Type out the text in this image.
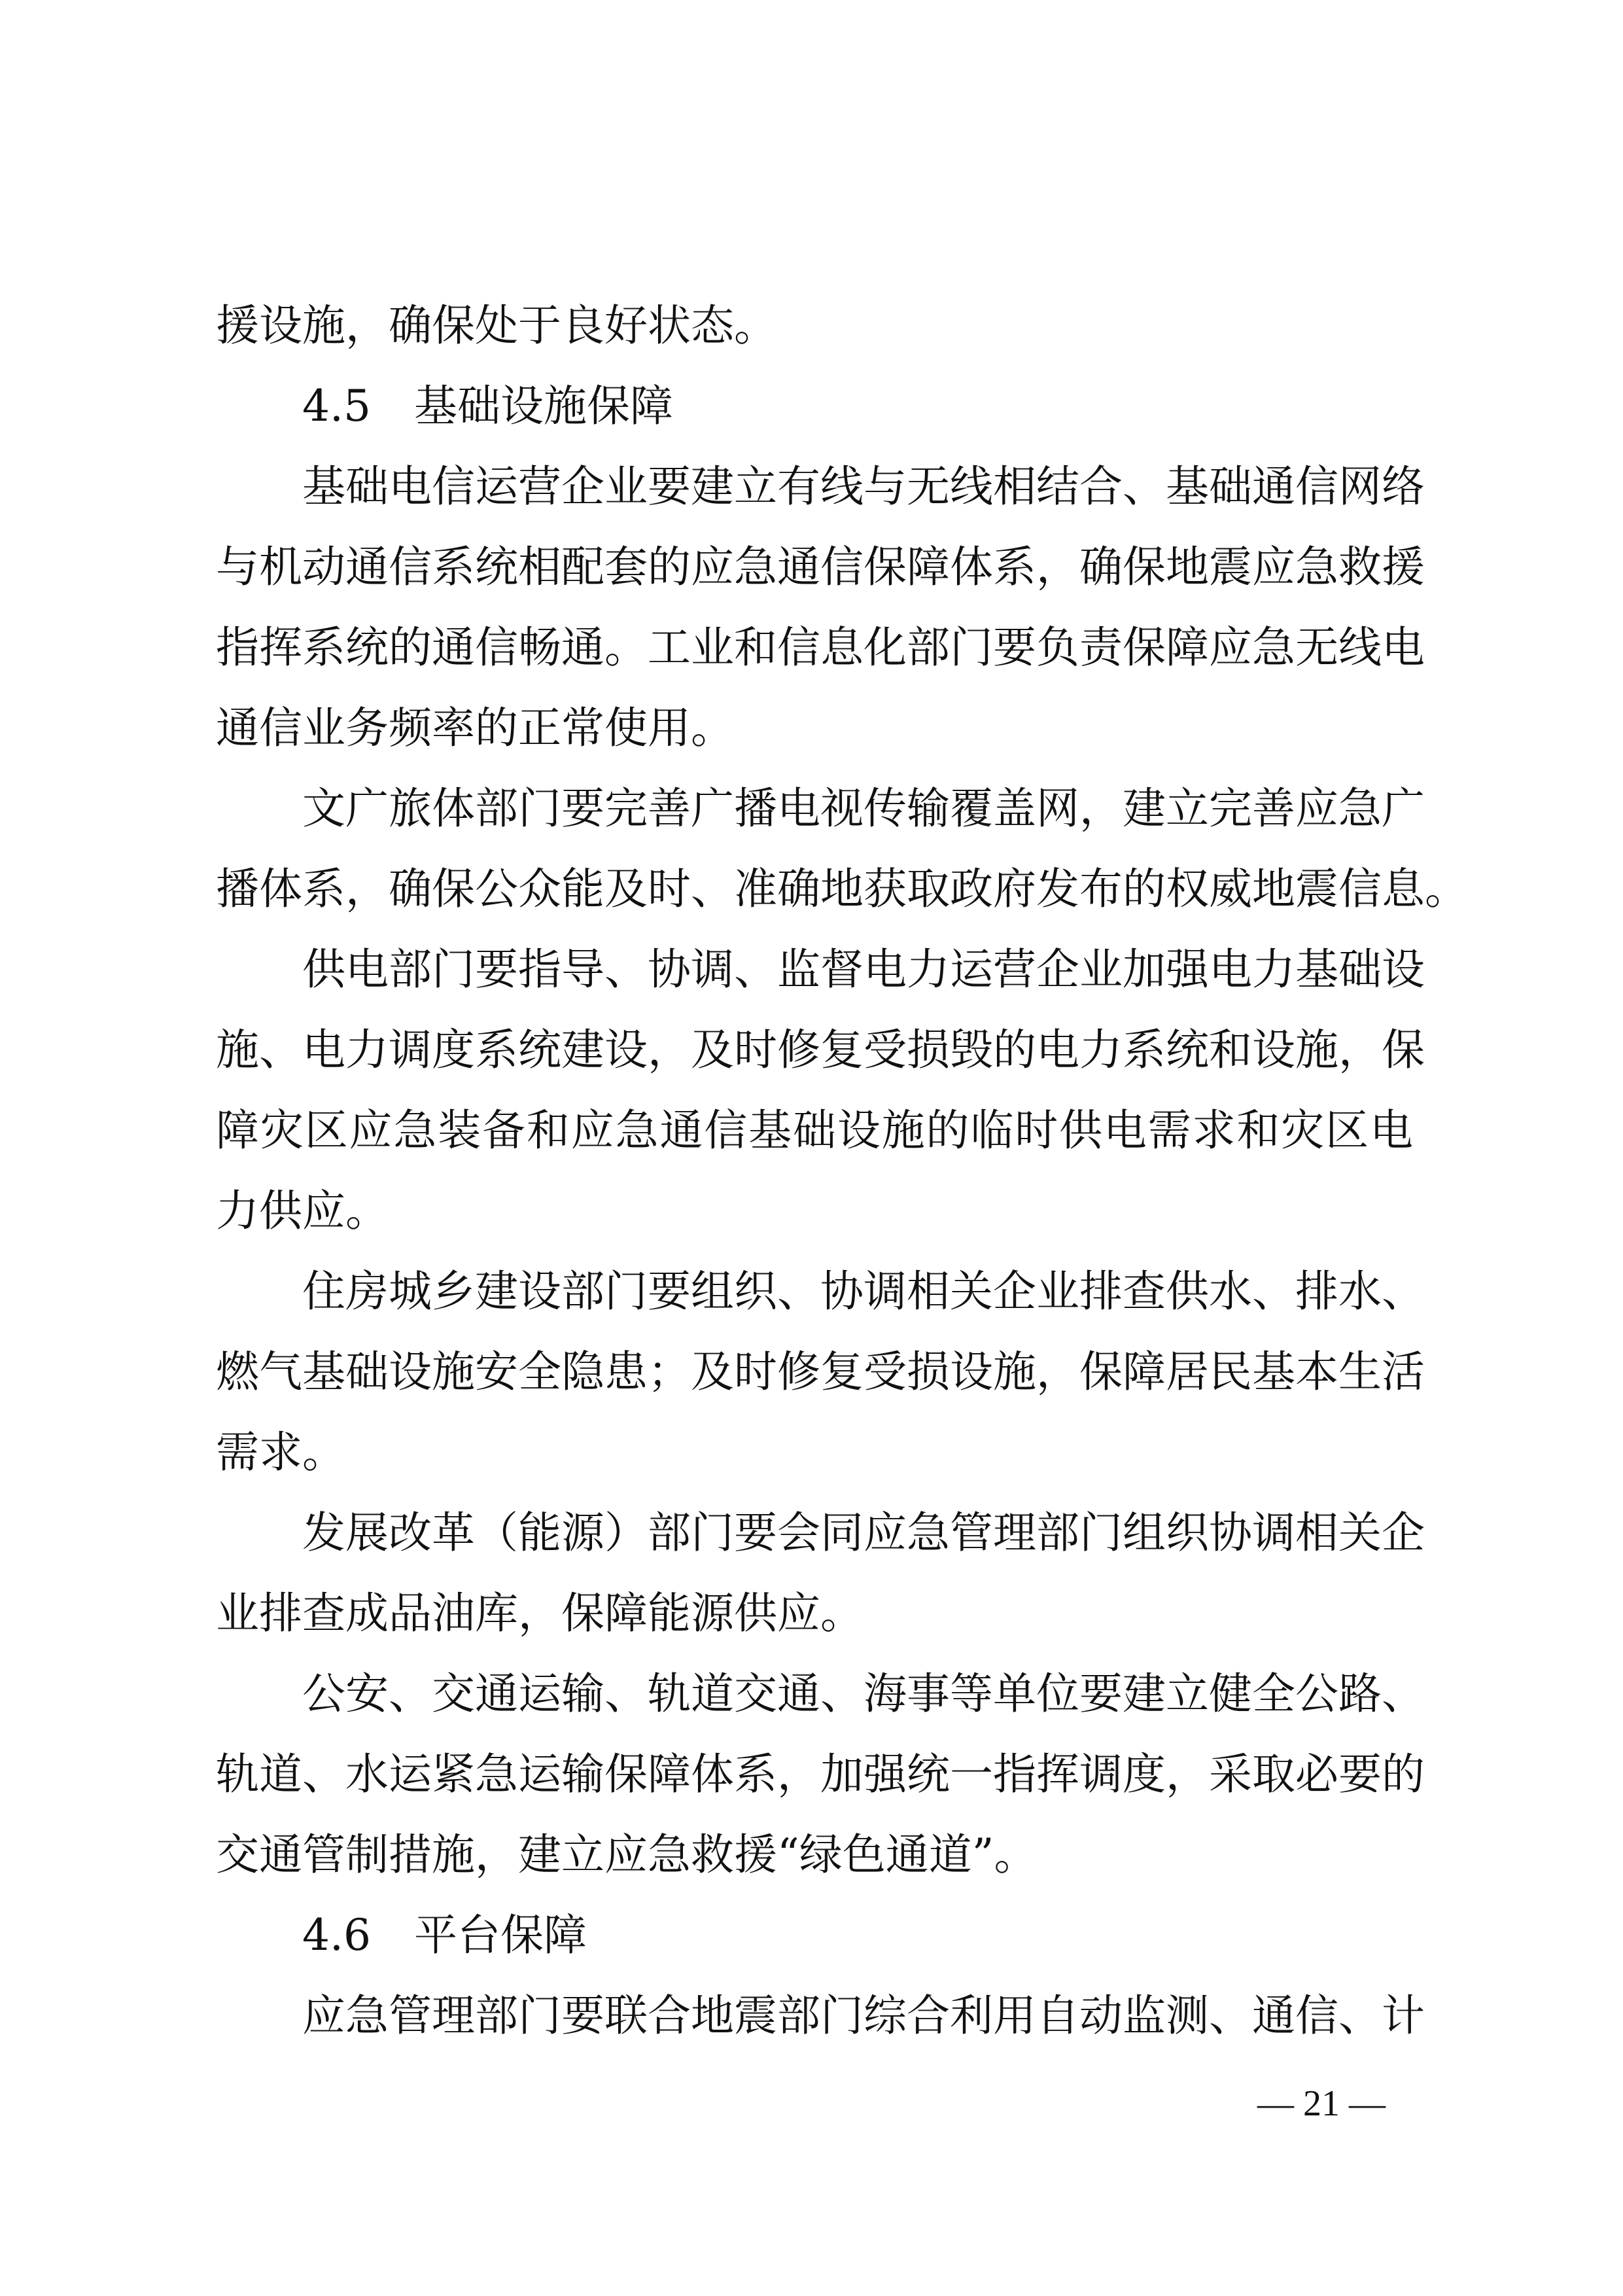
援设施，确保处于良好状态。
4.5　基础设施保障
基础电信运营企业要建立有线与无线相结合、基础通信网络
与机动通信系统相配套的应急通信保障体系，确保地震应急救援
指挥系统的通信畅通。工业和信息化部门要负责保障应急无线电
通信业务频率的正常使用。
文广旅体部门要完善广播电视传输覆盖网，建立完善应急广
播体系，确保公众能及时、准确地获取政府发布的权威地震信息。
供电部门要指导、协调、监督电力运营企业加强电力基础设
施、电力调度系统建设，及时修复受损毁的电力系统和设施，保
障灾区应急装备和应急通信基础设施的临时供电需求和灾区电
力供应。
住房城乡建设部门要组织、协调相关企业排查供水、排水、
燃气基础设施安全隐患；及时修复受损设施，保障居民基本生活
需求。
发展改革（能源）部门要会同应急管理部门组织协调相关企
业排查成品油库，保障能源供应。
公安、交通运输、轨道交通、海事等单位要建立健全公路、
轨道、水运紧急运输保障体系，加强统一指挥调度，采取必要的
交通管制措施，建立应急救援“绿色通道”。
4.6　平台保障
应急管理部门要联合地震部门综合利用自动监测、通信、计
— 21 —
